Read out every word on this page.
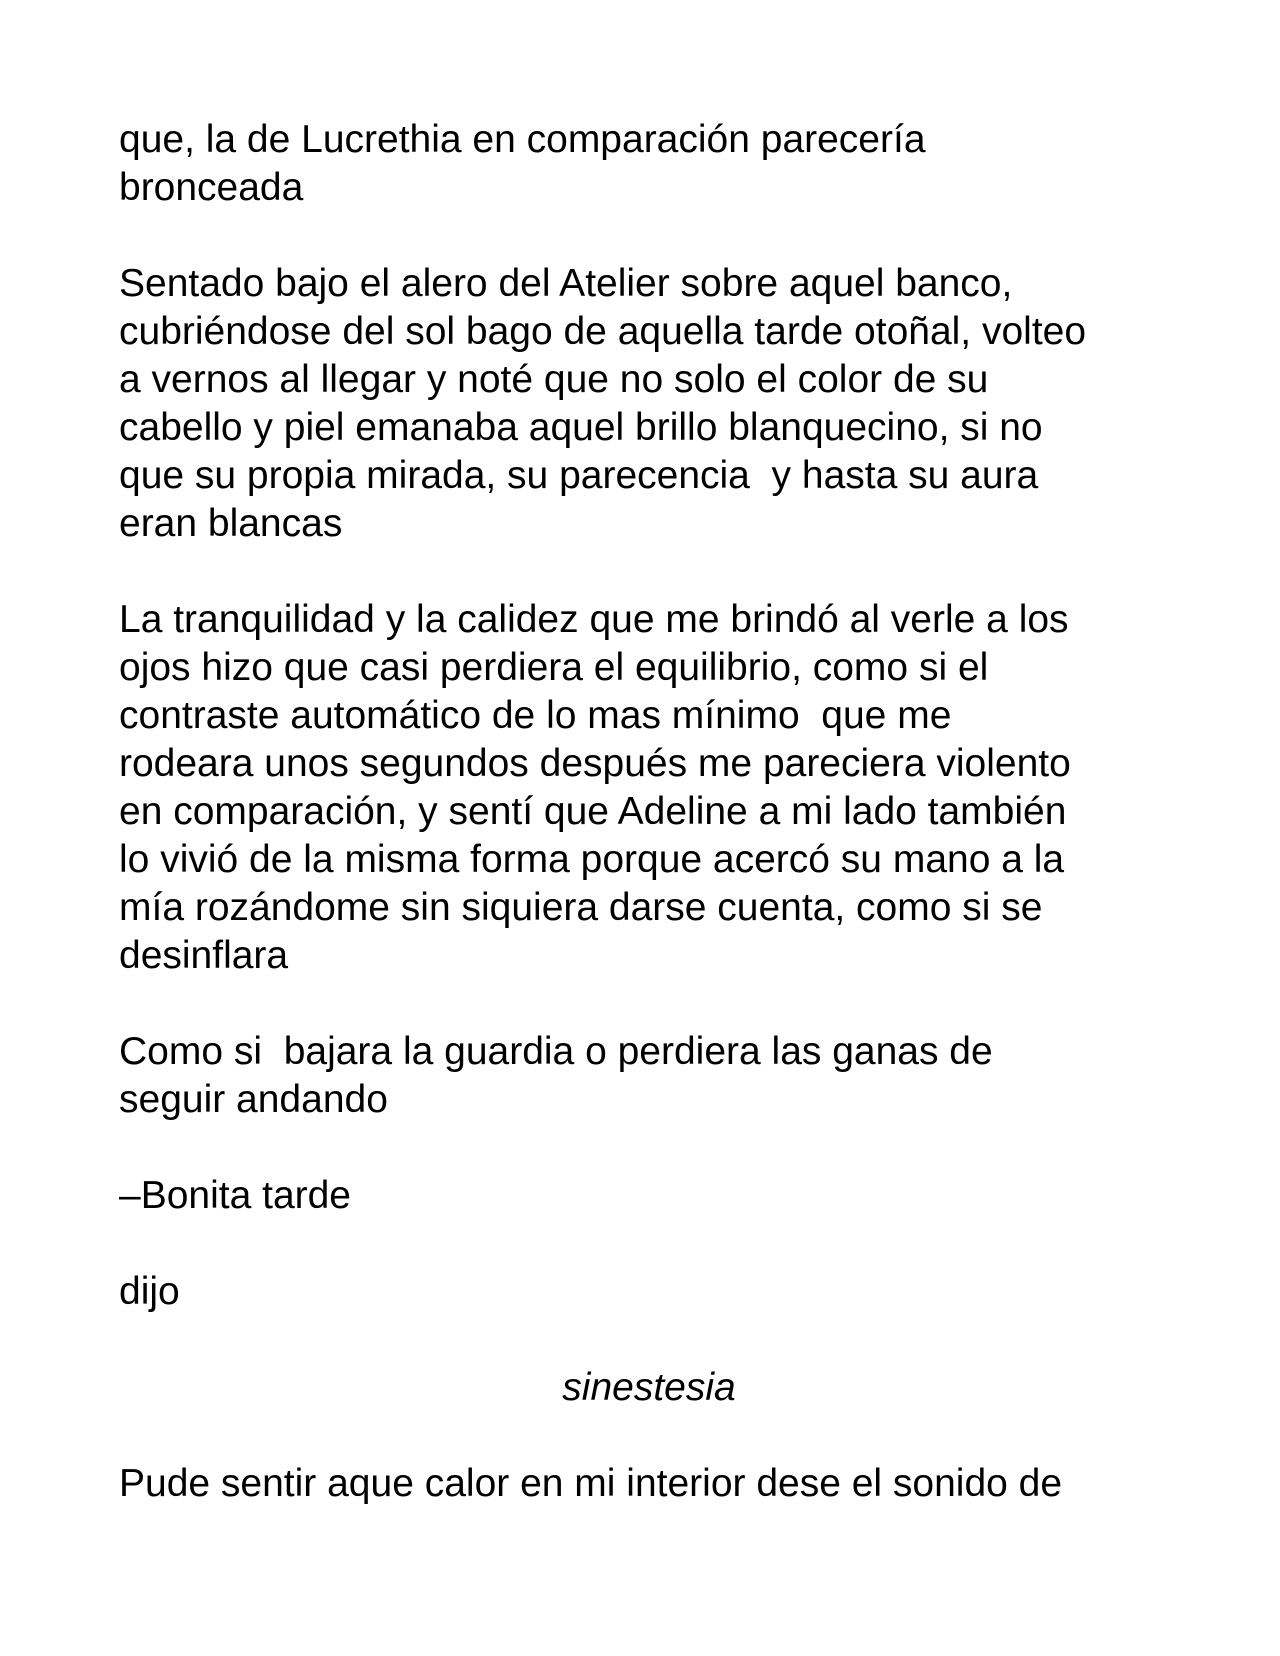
que, la de Lucrethia en comparación parecería
bronceada
Sentado bajo el alero del Atelier sobre aquel banco,
cubriéndose del sol bago de aquella tarde otoñal, volteo
a vernos al llegar y noté que no solo el color de su
cabello y piel emanaba aquel brillo blanquecino, si no
que su propia mirada, su parecencia  y hasta su aura
eran blancas
La tranquilidad y la calidez que me brindó al verle a los
ojos hizo que casi perdiera el equilibrio, como si el
contraste automático de lo mas mínimo  que me
rodeara unos segundos después me pareciera violento
en comparación, y sentí que Adeline a mi lado también
lo vivió de la misma forma porque acercó su mano a la
mía rozándome sin siquiera darse cuenta, como si se
desinflara
Como si  bajara la guardia o perdiera las ganas de
seguir andando
–Bonita tarde
dijo
sinestesia
Pude sentir aque calor en mi interior dese el sonido de
